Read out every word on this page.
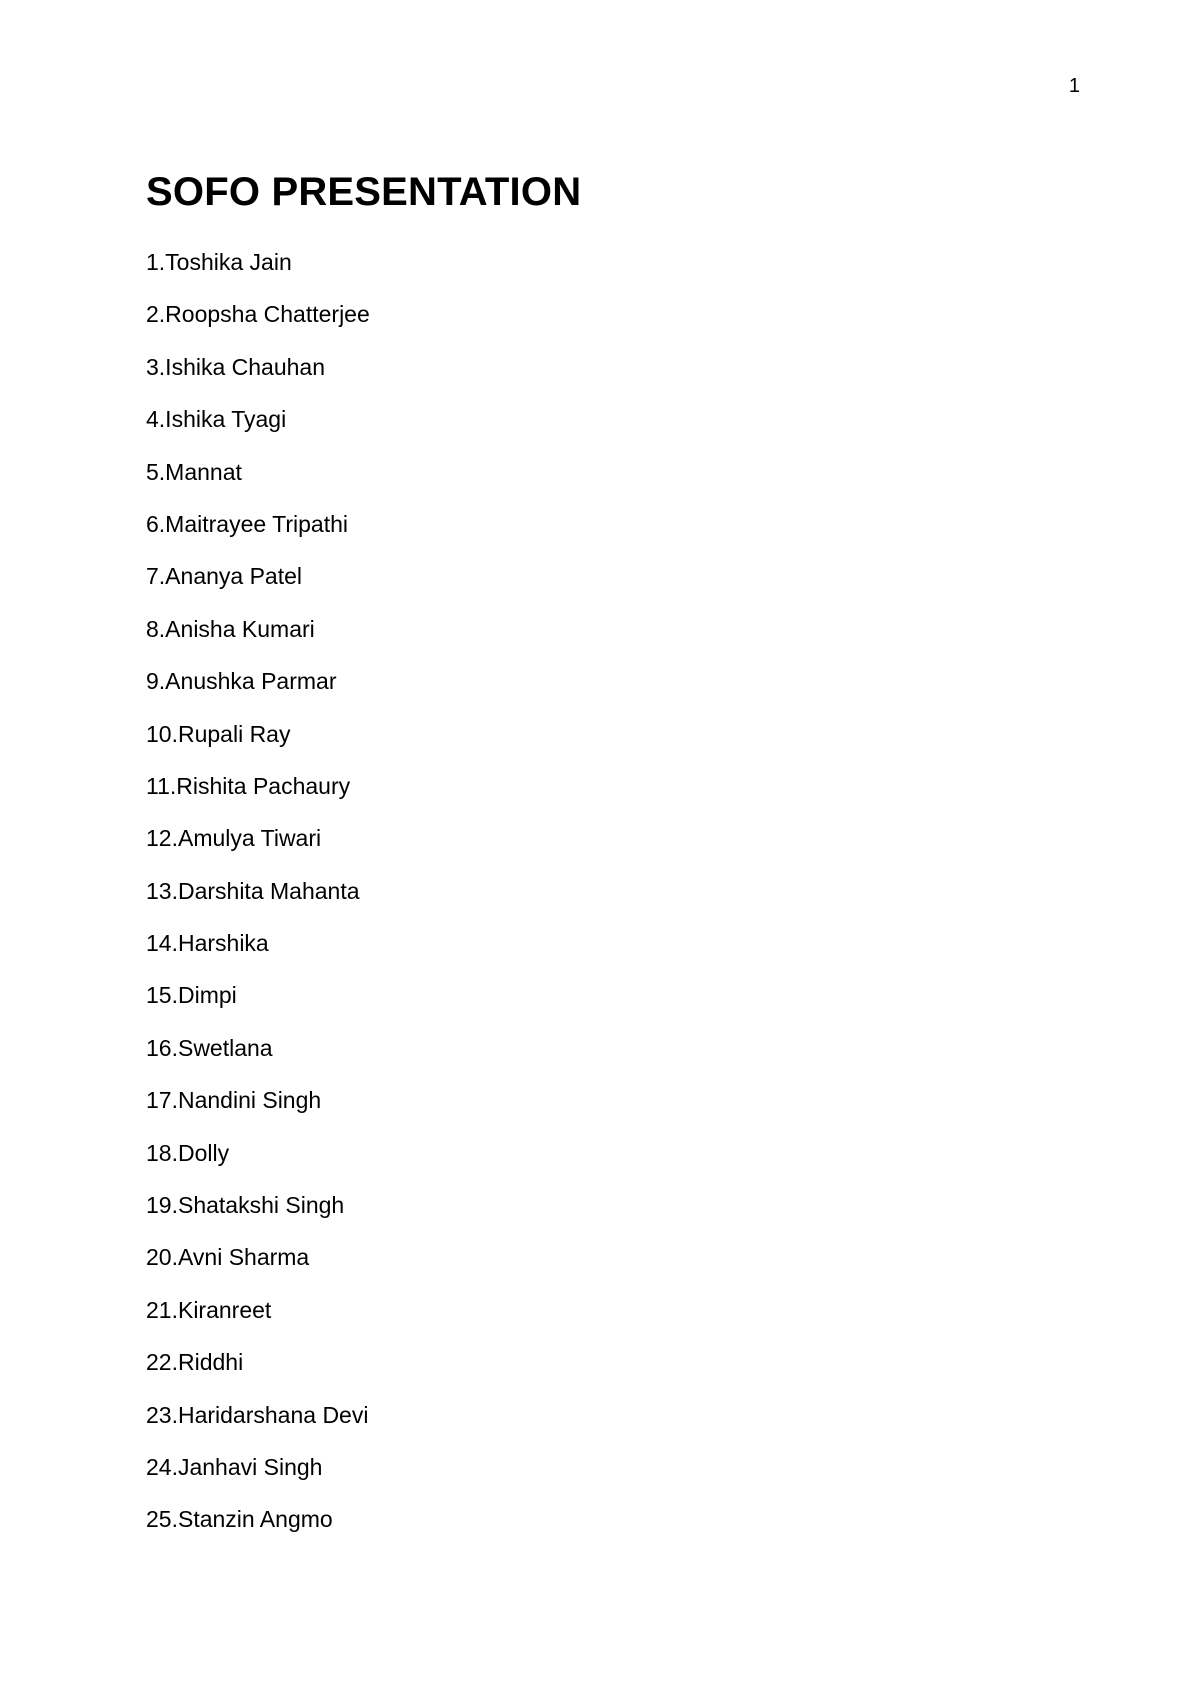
1
SOFO PRESENTATION
1.Toshika Jain
2.Roopsha Chatterjee
3.Ishika Chauhan
4.Ishika Tyagi
5.Mannat
6.Maitrayee Tripathi
7.Ananya Patel
8.Anisha Kumari
9.Anushka Parmar
10.Rupali Ray
11.Rishita Pachaury
12.Amulya Tiwari
13.Darshita Mahanta
14.Harshika
15.Dimpi
16.Swetlana
17.Nandini Singh
18.Dolly
19.Shatakshi Singh
20.Avni Sharma
21.Kiranreet
22.Riddhi
23.Haridarshana Devi
24.Janhavi Singh
25.Stanzin Angmo
